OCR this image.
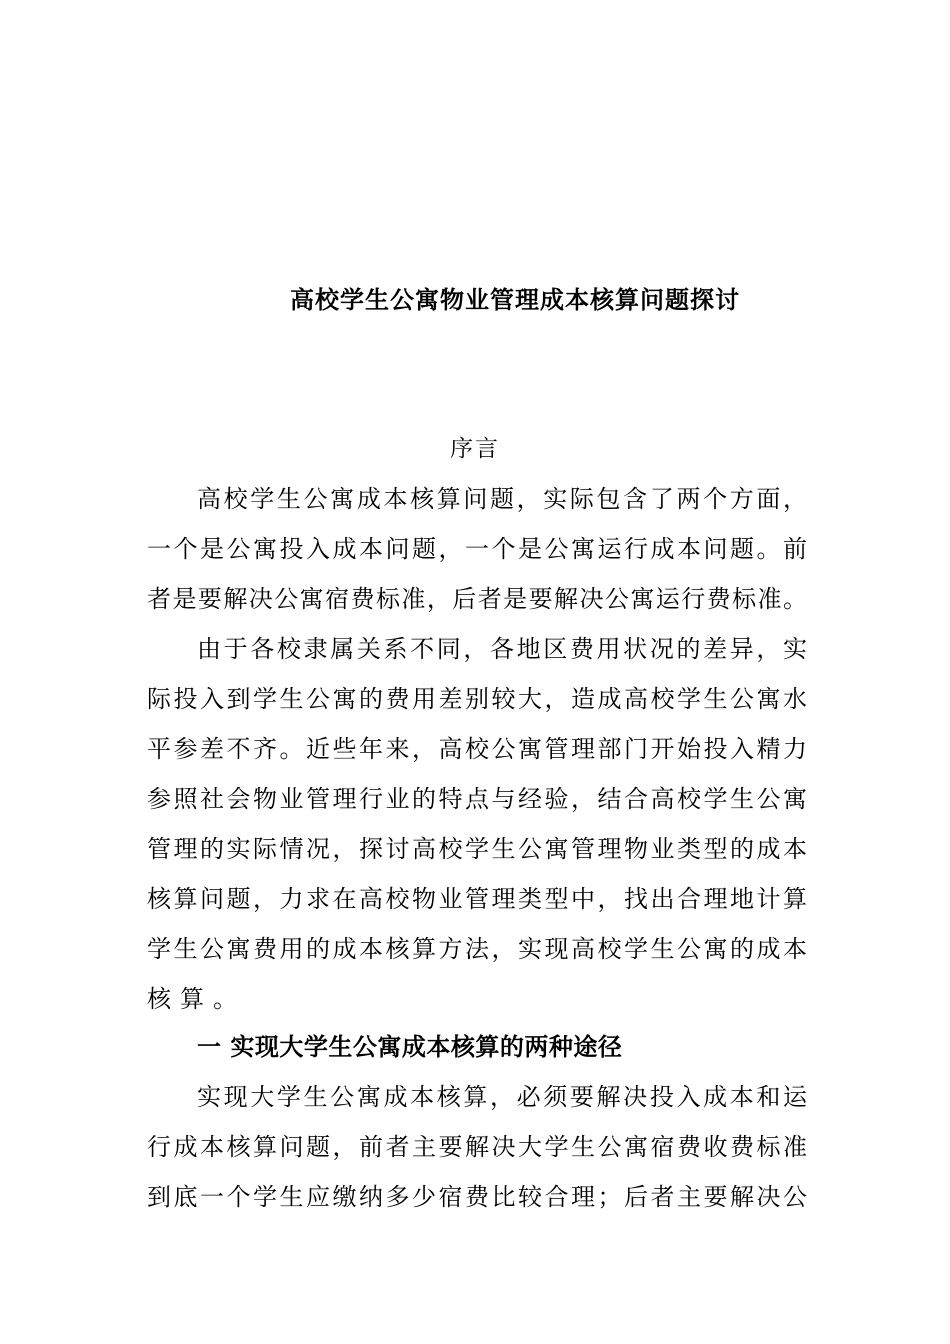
高校学生公寓物业管理成本核算问题探讨
序言
高校学生公寓成本核算问题，实际包含了两个方面，
一个是公寓投入成本问题，一个是公寓运行成本问题。前
者是要解决公寓宿费标准，后者是要解决公寓运行费标准。
由于各校隶属关系不同，各地区费用状况的差异，实
际投入到学生公寓的费用差别较大，造成高校学生公寓水
平参差不齐。近些年来，高校公寓管理部门开始投入精力
参照社会物业管理行业的特点与经验，结合高校学生公寓
管理的实际情况，探讨高校学生公寓管理物业类型的成本
核算问题，力求在高校物业管理类型中，找出合理地计算
学生公寓费用的成本核算方法，实现高校学生公寓的成本
核算。
一 实现大学生公寓成本核算的两种途径
实现大学生公寓成本核算，必须要解决投入成本和运
行成本核算问题，前者主要解决大学生公寓宿费收费标准
到底一个学生应缴纳多少宿费比较合理；后者主要解决公
